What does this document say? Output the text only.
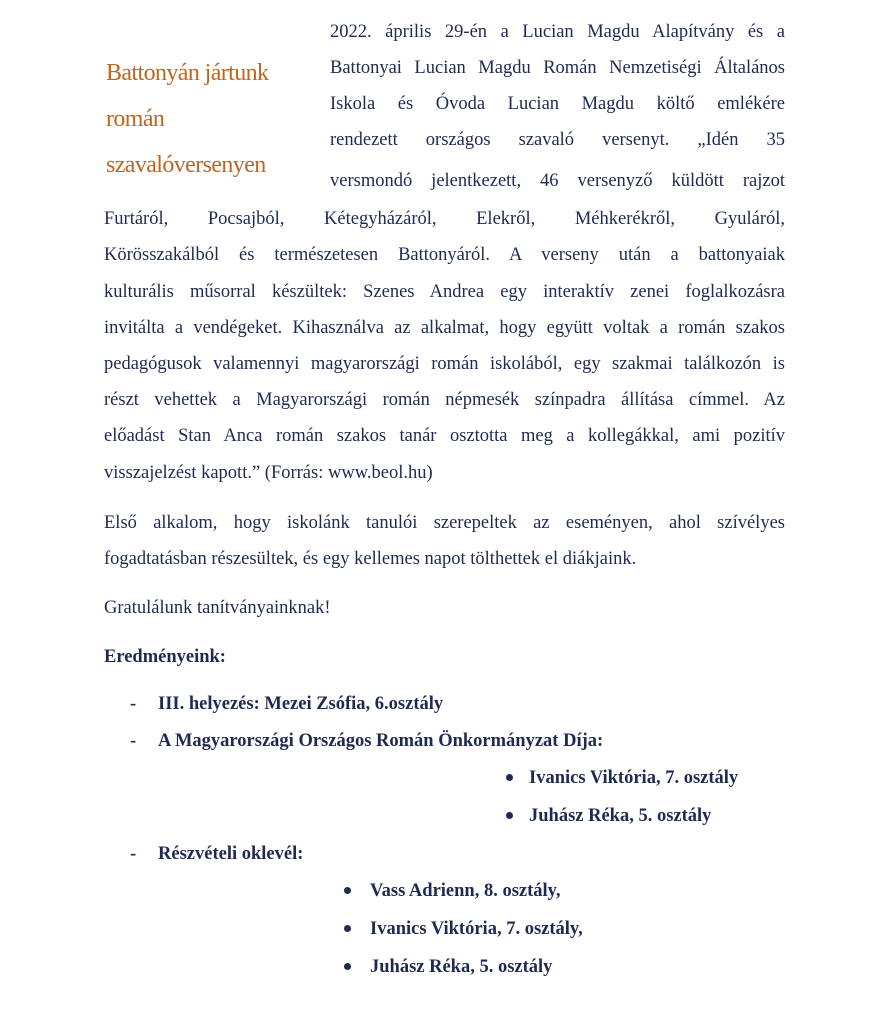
Battonyán jártunk
román
szavalóversenyen
2022. április 29-én a Lucian Magdu Alapítvány és a
Battonyai Lucian Magdu Román Nemzetiségi Általános
Iskola és Óvoda Lucian Magdu költő emlékére
rendezett országos szavaló versenyt. „Idén 35
versmondó jelentkezett, 46 versenyző küldött rajzot
Furtáról, Pocsajból, Kétegyházáról, Elekről, Méhkerékről, Gyuláról,
Körösszakálból és természetesen Battonyáról. A verseny után a battonyaiak
kulturális műsorral készültek: Szenes Andrea egy interaktív zenei foglalkozásra
invitálta a vendégeket. Kihasználva az alkalmat, hogy együtt voltak a román szakos
pedagógusok valamennyi magyarországi román iskolából, egy szakmai találkozón is
részt vehettek a Magyarországi román népmesék színpadra állítása címmel. Az
előadást Stan Anca román szakos tanár osztotta meg a kollegákkal, ami pozitív
visszajelzést kapott.” (Forrás: www.beol.hu)
Első alkalom, hogy iskolánk tanulói szerepeltek az eseményen, ahol szívélyes
fogadtatásban részesültek, és egy kellemes napot tölthettek el diákjaink.
Gratulálunk tanítványainknak!
Eredményeink:
- III. helyezés: Mezei Zsófia, 6.osztály
- A Magyarországi Országos Román Önkormányzat Díja:
Ivanics Viktória, 7. osztály
Juhász Réka, 5. osztály
- Részvételi oklevél:
Vass Adrienn, 8. osztály,
Ivanics Viktória, 7. osztály,
Juhász Réka, 5. osztály
